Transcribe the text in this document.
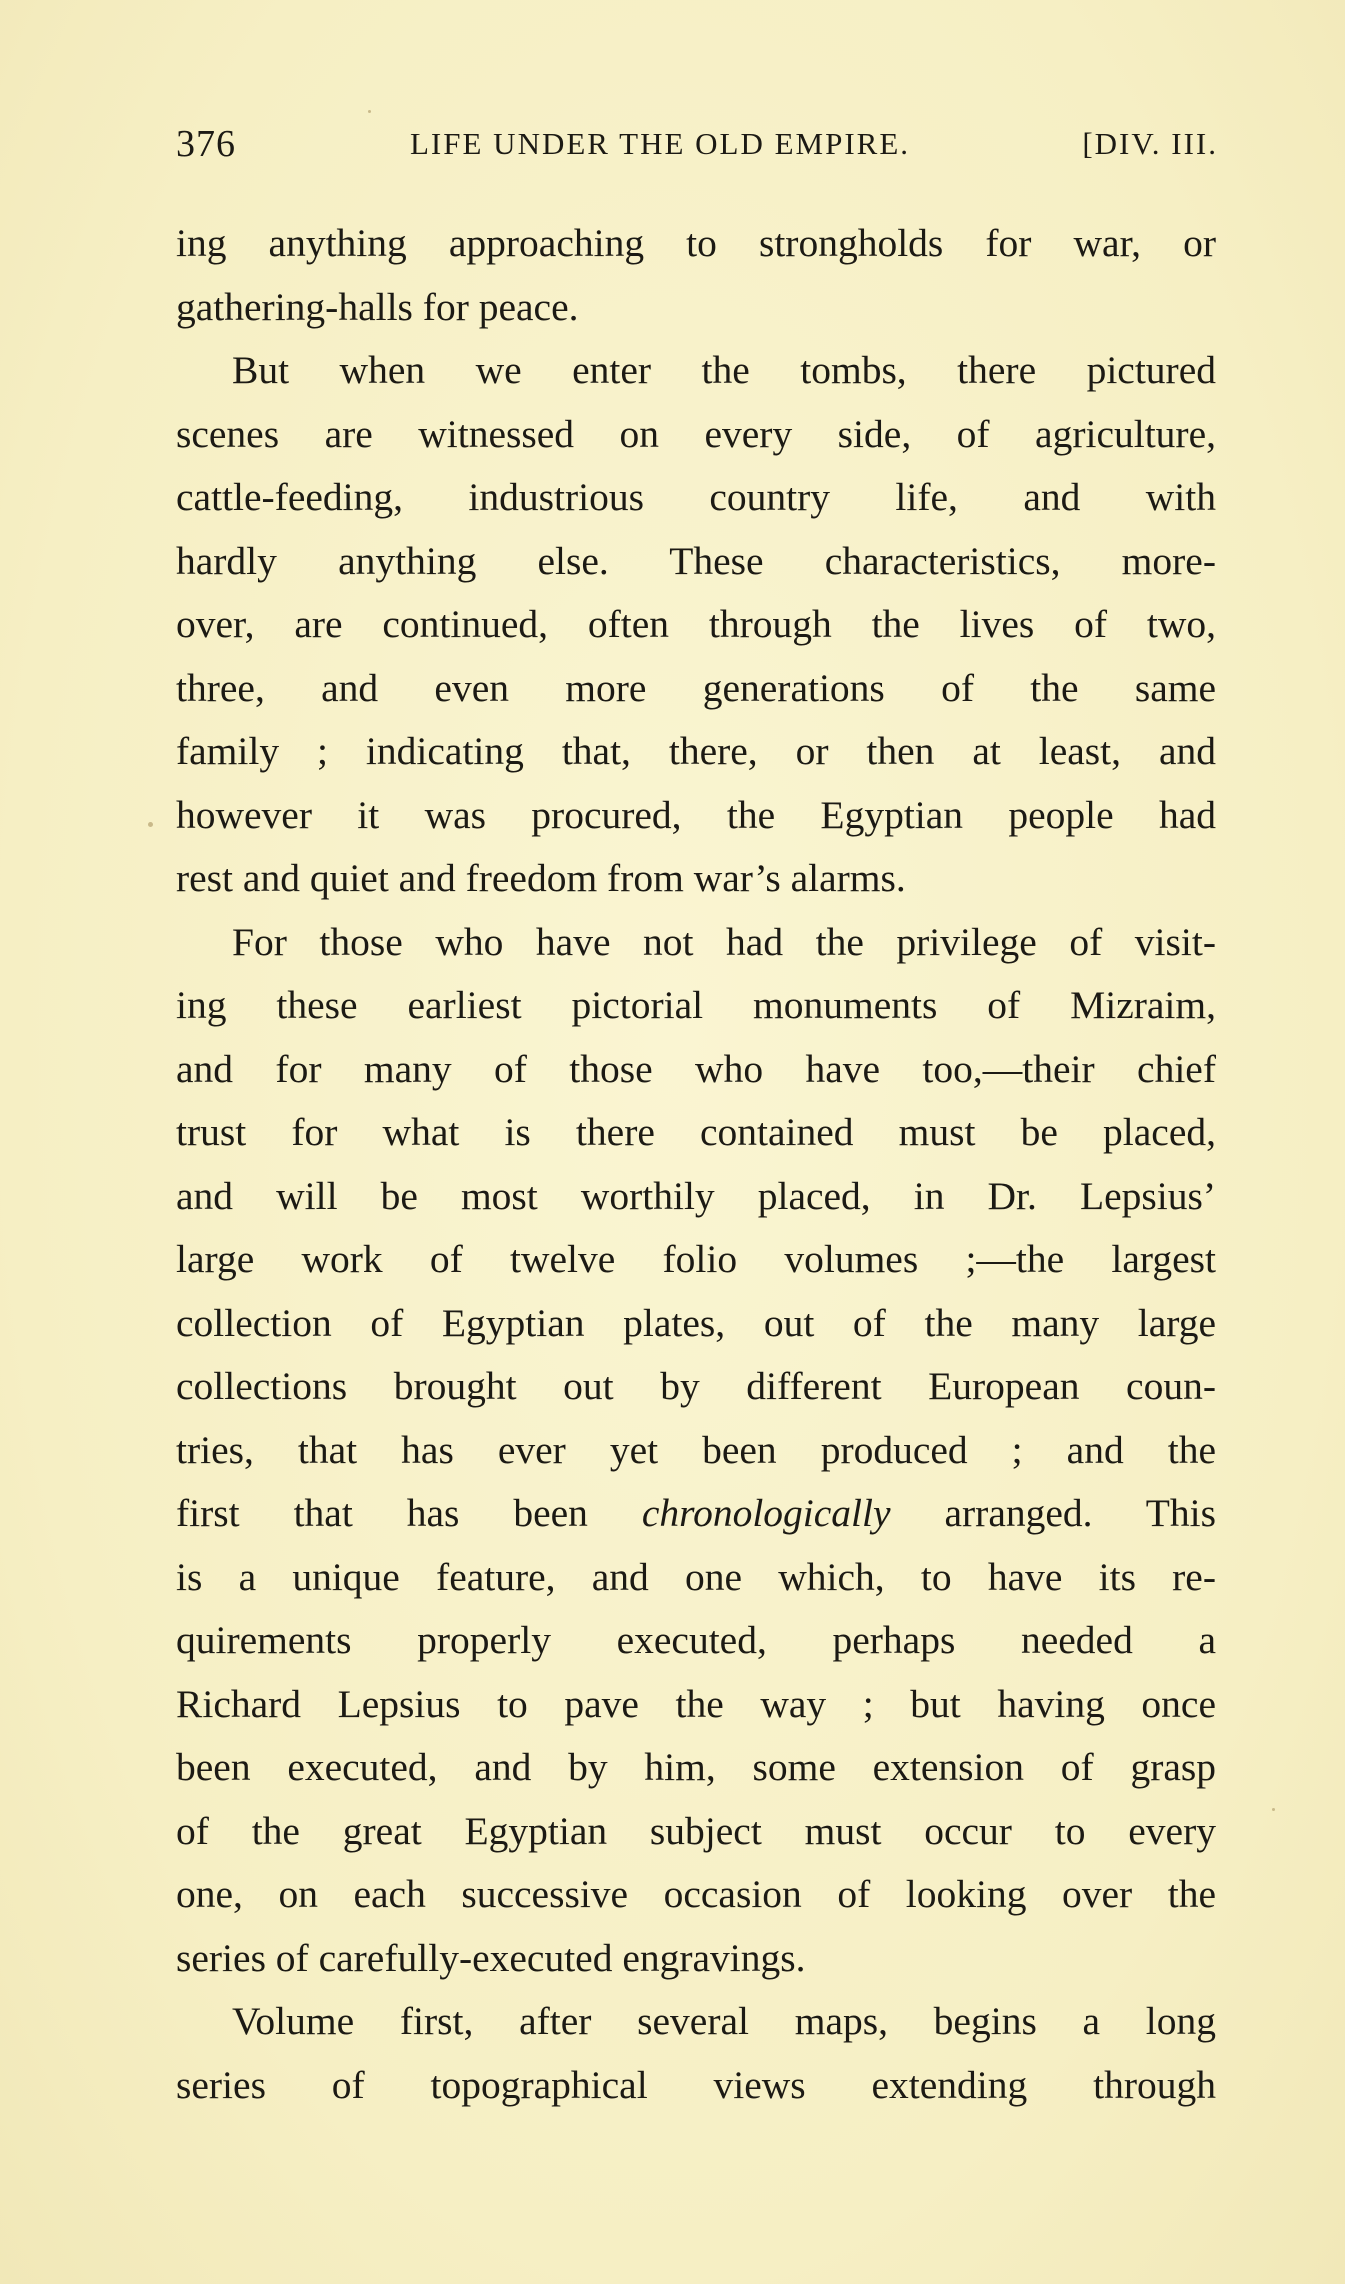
376	LIFE UNDER THE OLD EMPIRE.	[DIV. III.
ing anything approaching to strongholds for war, or
gathering-halls for peace.
But when we enter the tombs, there pictured
scenes are witnessed on every side, of agriculture,
cattle-feeding, industrious country life, and with
hardly anything else. These characteristics, more-
over, are continued, often through the lives of two,
three, and even more generations of the same
family ; indicating that, there, or then at least, and
however it was procured, the Egyptian people had
rest and quiet and freedom from war’s alarms.
For those who have not had the privilege of visit-
ing these earliest pictorial monuments of Mizraim,
and for many of those who have too,—their chief
trust for what is there contained must be placed,
and will be most worthily placed, in Dr. Lepsius’
large work of twelve folio volumes ;—the largest
collection of Egyptian plates, out of the many large
collections brought out by different European coun-
tries, that has ever yet been produced ; and the
first that has been chronologically arranged. This
is a unique feature, and one which, to have its re-
quirements properly executed, perhaps needed a
Richard Lepsius to pave the way ; but having once
been executed, and by him, some extension of grasp
of the great Egyptian subject must occur to every
one, on each successive occasion of looking over the
series of carefully-executed engravings.
Volume first, after several maps, begins a long
series of topographical views extending through
